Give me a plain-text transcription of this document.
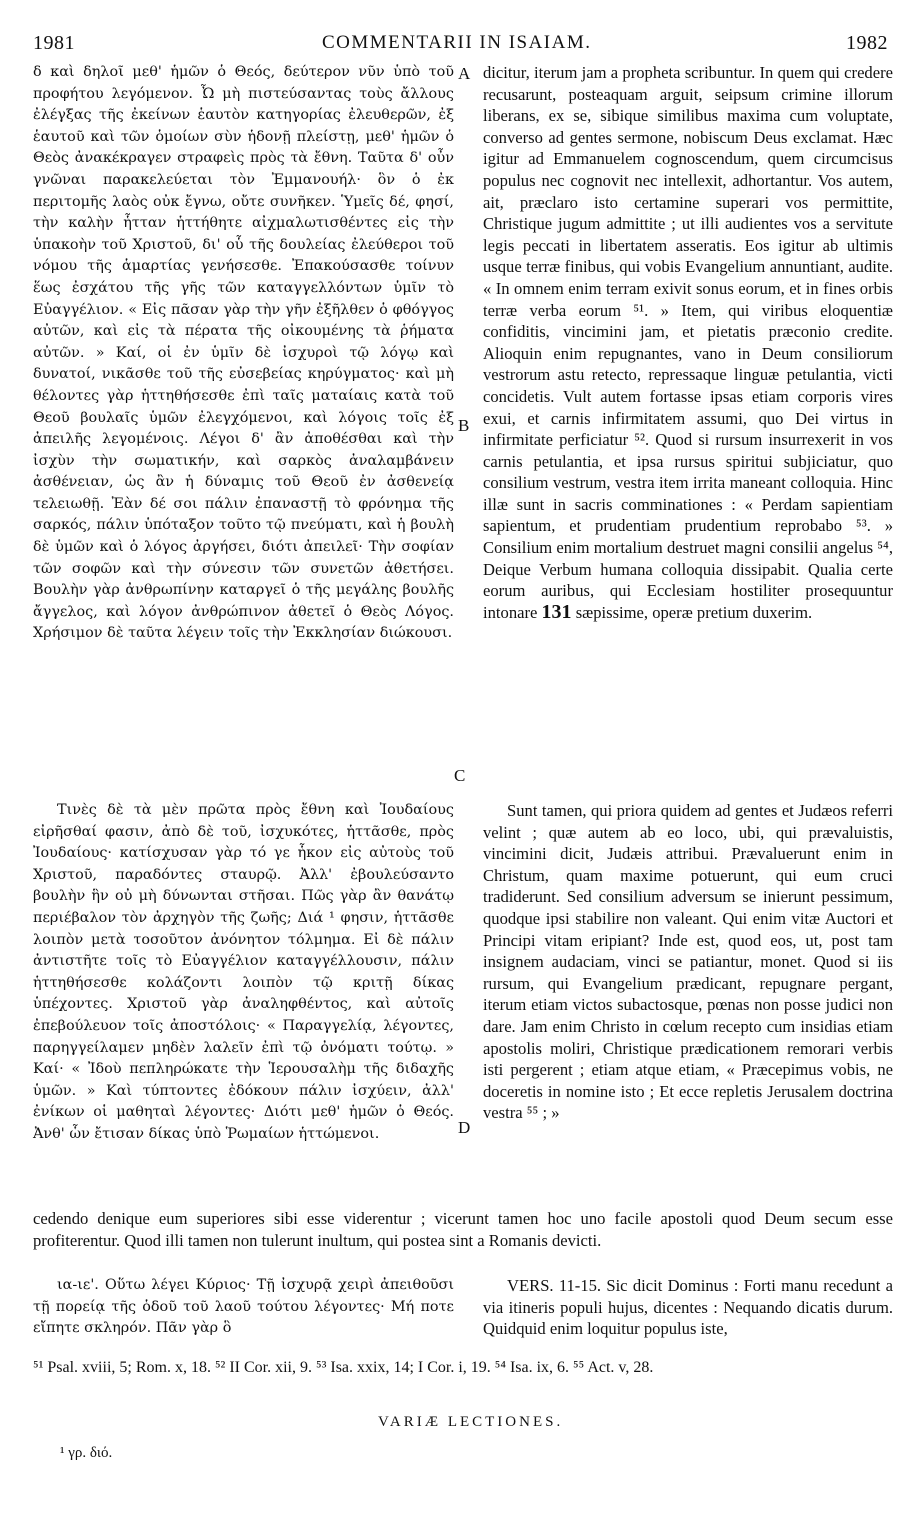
1981	COMMENTARII IN ISAIAM.	1982

δ καὶ δηλοῖ μεθ' ἡμῶν ὁ Θεός, δεύτερον νῦν ὑπὸ τοῦ προφήτου λεγόμενον. Ὦ μὴ πιστεύσαντας τοὺς ἄλλους ἐλέγξας τῆς ἐκείνων ἑαυτὸν κατηγορίας ἐλευθερῶν, ἐξ ἑαυτοῦ καὶ τῶν ὁμοίων σὺν ἡδονῇ πλείστῃ, μεθ' ἡμῶν ὁ Θεὸς ἀνακέκραγεν στραφεὶς πρὸς τὰ ἔθνη. Ταῦτα δ' οὖν γνῶναι παρακελεύεται τὸν Ἐμμανουήλ· ὃν ὁ ἐκ περιτομῆς λαὸς οὐκ ἔγνω, οὔτε συνῆκεν. Ὑμεῖς δέ, φησί, τὴν καλὴν ἧτταν ἡττήθητε αἰχμαλωτισθέντες εἰς τὴν ὑπακοὴν τοῦ Χριστοῦ, δι' οὗ τῆς δουλείας ἐλεύθεροι τοῦ νόμου τῆς ἁμαρτίας γενήσεσθε. Ἐπακούσασθε τοίνυν ἕως ἐσχάτου τῆς γῆς τῶν καταγγελλόντων ὑμῖν τὸ Εὐαγγέλιον. « Εἰς πᾶσαν γὰρ τὴν γῆν ἐξῆλθεν ὁ φθόγγος αὐτῶν, καὶ εἰς τὰ πέρατα τῆς οἰκουμένης τὰ ῥήματα αὐτῶν. » Καί, οἱ ἐν ὑμῖν δὲ ἰσχυροὶ τῷ λόγῳ καὶ δυνατοί, νικᾶσθε τοῦ τῆς εὐσεβείας κηρύγματος· καὶ μὴ θέλοντες γὰρ ἡττηθήσεσθε ἐπὶ ταῖς ματαίαις κατὰ τοῦ Θεοῦ βουλαῖς ὑμῶν ἐλεγχόμενοι, καὶ λόγοις τοῖς ἐξ ἀπειλῆς λεγομένοις. Λέγοι δ' ἂν ἀποθέσθαι καὶ τὴν ἰσχὺν τὴν σωματικήν, καὶ σαρκὸς ἀναλαμβάνειν ἀσθένειαν, ὡς ἂν ἡ δύναμις τοῦ Θεοῦ ἐν ἀσθενείᾳ τελειωθῇ. Ἐὰν δέ σοι πάλιν ἐπαναστῇ τὸ φρόνημα τῆς σαρκός, πάλιν ὑπόταξον τοῦτο τῷ πνεύματι, καὶ ἡ βουλὴ δὲ ὑμῶν καὶ ὁ λόγος ἀργήσει, διότι ἀπειλεῖ· Τὴν σοφίαν τῶν σοφῶν καὶ τὴν σύνεσιν τῶν συνετῶν ἀθετήσει. Βουλὴν γὰρ ἀνθρωπίνην καταργεῖ ὁ τῆς μεγάλης βουλῆς ἄγγελος, καὶ λόγον ἀνθρώπινον ἀθετεῖ ὁ Θεὸς Λόγος. Χρήσιμον δὲ ταῦτα λέγειν τοῖς τὴν Ἐκκλησίαν διώκουσι.

Τινὲς δὲ τὰ μὲν πρῶτα πρὸς ἔθνη καὶ Ἰουδαίους εἰρῆσθαί φασιν, ἀπὸ δὲ τοῦ, ἰσχυκότες, ἡττᾶσθε, πρὸς Ἰουδαίους· κατίσχυσαν γὰρ τό γε ἧκον εἰς αὐτοὺς τοῦ Χριστοῦ, παραδόντες σταυρῷ. Ἀλλ' ἐβουλεύσαντο βουλὴν ἣν οὐ μὴ δύνωνται στῆσαι. Πῶς γὰρ ἂν θανάτῳ περιέβαλον τὸν ἀρχηγὸν τῆς ζωῆς; Διά ¹ φησιν, ἡττᾶσθε λοιπὸν μετὰ τοσοῦτον ἀνόνητον τόλμημα. Εἰ δὲ πάλιν ἀντιστῆτε τοῖς τὸ Εὐαγγέλιον καταγγέλλουσιν, πάλιν ἡττηθήσεσθε κολάζοντι λοιπὸν τῷ κριτῇ δίκας ὑπέχοντες. Χριστοῦ γὰρ ἀναληφθέντος, καὶ αὐτοῖς ἐπεβούλευον τοῖς ἀποστόλοις· « Παραγγελίᾳ, λέγοντες, παρηγγείλαμεν μηδὲν λαλεῖν ἐπὶ τῷ ὀνόματι τούτῳ. » Καί· « Ἰδοὺ πεπληρώκατε τὴν Ἱερουσαλὴμ τῆς διδαχῆς ὑμῶν. » Καὶ τύπτοντες ἐδόκουν πάλιν ἰσχύειν, ἀλλ' ἐνίκων οἱ μαθηταὶ λέγοντες· Διότι μεθ' ἡμῶν ὁ Θεός. Ἀνθ' ὧν ἔτισαν δίκας ὑπὸ Ῥωμαίων ἡττώμενοι.

dicitur, iterum jam a propheta scribuntur. In quem qui credere recusarunt, posteaquam arguit, seipsum crimine illorum liberans, ex se, sibique similibus maxima cum voluptate, converso ad gentes sermone, nobiscum Deus exclamat. Hæc igitur ad Emmanuelem cognoscendum, quem circumcisus populus nec cognovit nec intellexit, adhortantur. Vos autem, ait, præclaro isto certamine superari vos permittite, Christique jugum admittite ; ut illi audientes vos a servitute legis peccati in libertatem asseratis. Eos igitur ab ultimis usque terræ finibus, qui vobis Evangelium annuntiant, audite. « In omnem enim terram exivit sonus eorum, et in fines orbis terræ verba eorum ⁵¹. » Item, qui viribus eloquentiæ confiditis, vincimini jam, et pietatis præconio credite. Alioquin enim repugnantes, vano in Deum consiliorum vestrorum astu retecto, repressaque linguæ petulantia, victi concidetis. Vult autem fortasse ipsas etiam corporis vires exui, et carnis infirmitatem assumi, quo Dei virtus in infirmitate perficiatur ⁵². Quod si rursum insurrexerit in vos carnis petulantia, et ipsa rursus spiritui subjiciatur, quo consilium vestrum, vestra item irrita maneant colloquia. Hinc illæ sunt in sacris comminationes : « Perdam sapientiam sapientum, et prudentiam prudentium reprobabo ⁵³. » Consilium enim mortalium destruet magni consilii angelus ⁵⁴, Deique Verbum humana colloquia dissipabit. Qualia certe eorum auribus, qui Ecclesiam hostiliter prosequuntur intonare 131 sæpissime, operæ pretium duxerim.

Sunt tamen, qui priora quidem ad gentes et Judæos referri velint ; quæ autem ab eo loco, ubi, qui prævaluistis, vincimini dicit, Judæis attribui. Prævaluerunt enim in Christum, quam maxime potuerunt, qui eum cruci tradiderunt. Sed consilium adversum se inierunt pessimum, quodque ipsi stabilire non valeant. Qui enim vitæ Auctori et Principi vitam eripiant? Inde est, quod eos, ut, post tam insignem audaciam, vinci se patiantur, monet. Quod si iis rursum, qui Evangelium prædicant, repugnare pergant, iterum etiam victos subactosque, pœnas non posse judici non dare. Jam enim Christo in cœlum recepto cum insidias etiam apostolis moliri, Christique prædicationem remorari verbis isti pergerent ; etiam atque etiam, « Præcepimus vobis, ne doceretis in nomine isto ; Et ecce repletis Jerusalem doctrina vestra ⁵⁵ ; »

A
B
C
D

cedendo denique eum superiores sibi esse viderentur ; vicerunt tamen hoc uno facile apostoli quod Deum secum esse profiterentur. Quod illi tamen non tulerunt inultum, qui postea sint a Romanis devicti.

ια-ιε'. Οὕτω λέγει Κύριος· Τῇ ἰσχυρᾷ χειρὶ ἀπειθοῦσι τῇ πορείᾳ τῆς ὁδοῦ τοῦ λαοῦ τούτου λέγοντες· Μή ποτε εἴπητε σκληρόν. Πᾶν γὰρ ὃ

VERS. 11-15. Sic dicit Dominus : Forti manu recedunt a via itineris populi hujus, dicentes : Nequando dicatis durum. Quidquid enim loquitur populus iste,

⁵¹ Psal. xviii, 5; Rom. x, 18. ⁵² II Cor. xii, 9. ⁵³ Isa. xxix, 14; I Cor. i, 19. ⁵⁴ Isa. ix, 6. ⁵⁵ Act. v, 28.
VARIÆ LECTIONES.
¹ γρ. διό.
